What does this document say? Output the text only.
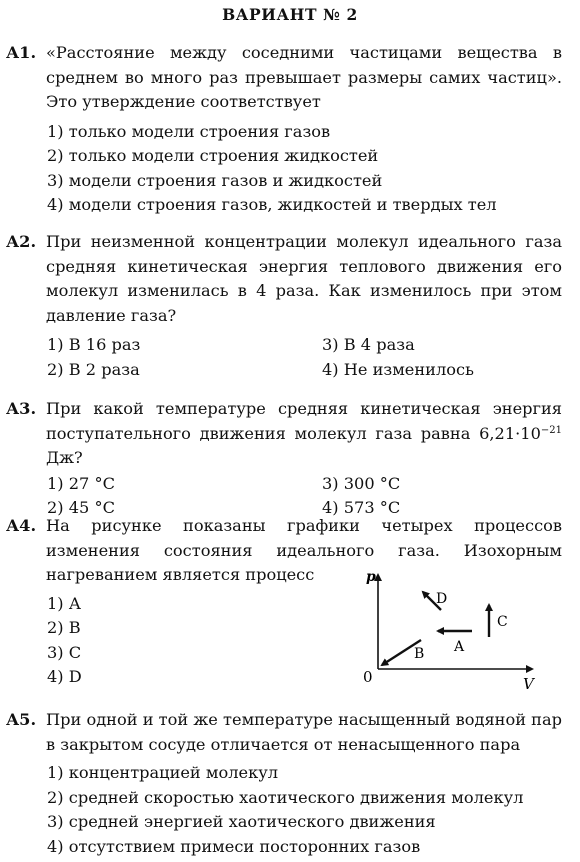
ВАРИАНТ № 2
А1. «Расстояние между соседними частицами вещества в среднем во много раз превышает размеры самих частиц». Это утверждение соответствует
1) только модели строения газов
2) только модели строения жидкостей
3) модели строения газов и жидкостей
4) модели строения газов, жидкостей и твердых тел
А2. При неизменной концентрации молекул идеального газа средняя кинетическая энергия теплового движения его молекул изменилась в 4 раза. Как изменилось при этом давление газа?
1) В 16 раз	3) В 4 раза
2) В 2 раза	4) Не изменилось
А3. При какой температуре средняя кинетическая энергия поступательного движения молекул газа равна $6,21\cdot 10^{-21}$ Дж?
1) 27 °С	3) 300 °С
2) 45 °С	4) 573 °С
А4. На рисунке показаны графики четырех процессов изменения состояния идеального газа. Изохорным нагреванием является процесс
1) А
2) В
3) С
4) D
p
V
0
D
C
A
B
А5. При одной и той же температуре насыщенный водяной пар в закрытом сосуде отличается от ненасыщенного пара
1) концентрацией молекул
2) средней скоростью хаотического движения молекул
3) средней энергией хаотического движения
4) отсутствием примеси посторонних газов
